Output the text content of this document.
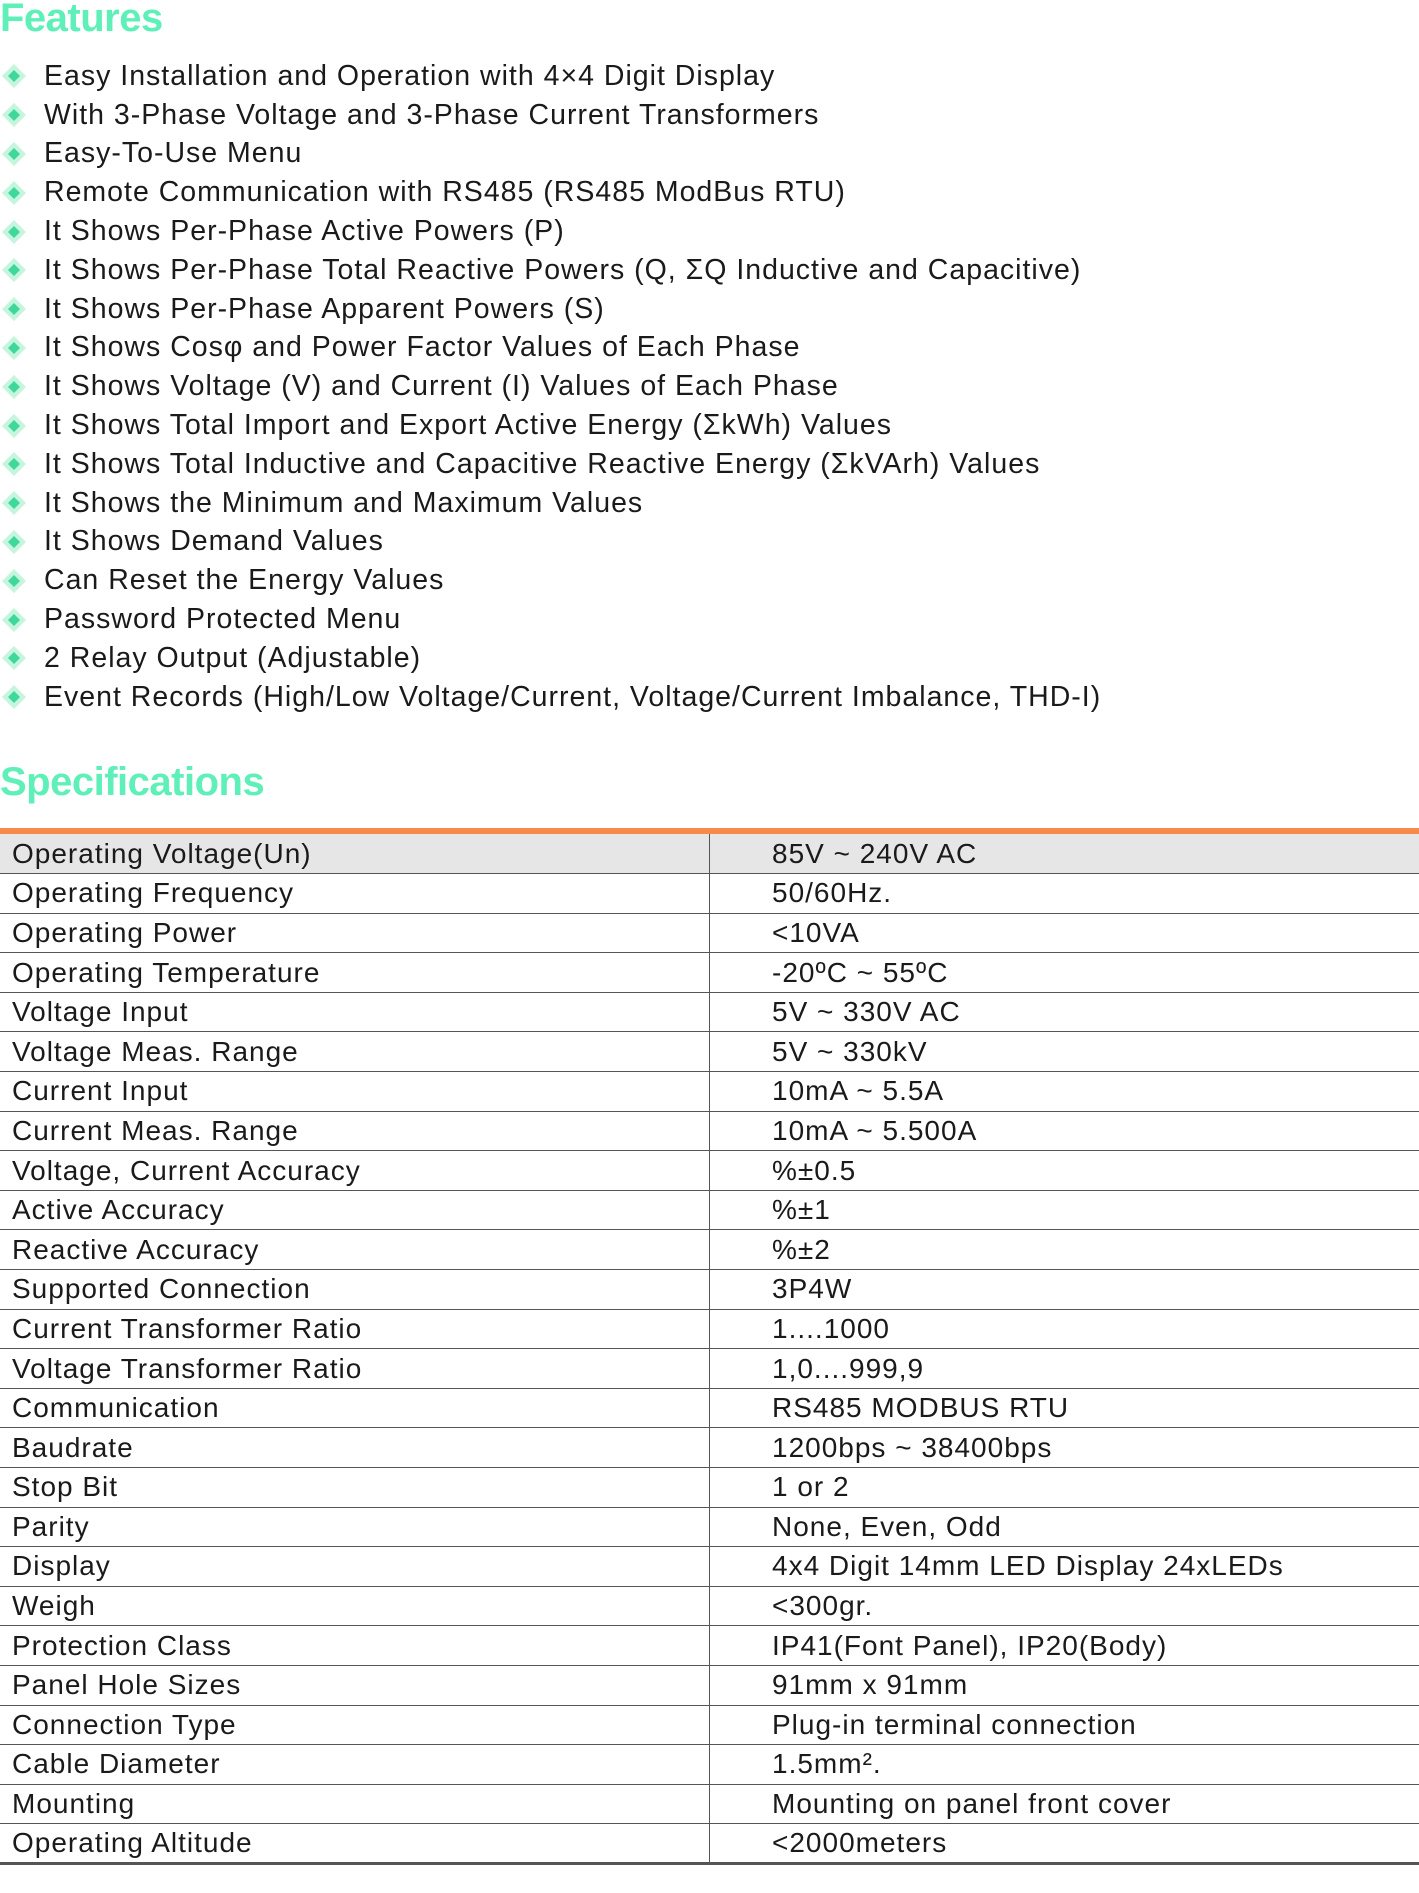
Features
Easy Installation and Operation with 4×4 Digit Display
With 3-Phase Voltage and 3-Phase Current Transformers
Easy-To-Use Menu
Remote Communication with RS485 (RS485 ModBus RTU)
It Shows Per-Phase Active Powers (P)
It Shows Per-Phase Total Reactive Powers (Q, ΣQ Inductive and Capacitive)
It Shows Per-Phase Apparent Powers (S)
It Shows Cosφ and Power Factor Values of Each Phase
It Shows Voltage (V) and Current (I) Values of Each Phase
It Shows Total Import and Export Active Energy (ΣkWh) Values
It Shows Total Inductive and Capacitive Reactive Energy (ΣkVArh) Values
It Shows the Minimum and Maximum Values
It Shows Demand Values
Can Reset the Energy Values
Password Protected Menu
2 Relay Output (Adjustable)
Event Records (High/Low Voltage/Current, Voltage/Current Imbalance, THD-I)
Specifications

Operating Voltage(Un)	85V ~ 240V AC
Operating Frequency	50/60Hz.
Operating Power	<10VA
Operating Temperature	-20ºC ~ 55ºC
Voltage Input	5V ~ 330V AC
Voltage Meas. Range	5V ~ 330kV
Current Input	10mA ~ 5.5A
Current Meas. Range	10mA ~ 5.500A
Voltage, Current Accuracy	%±0.5
Active Accuracy	%±1
Reactive Accuracy	%±2
Supported Connection	3P4W
Current Transformer Ratio	1....1000
Voltage Transformer Ratio	1,0....999,9
Communication	RS485 MODBUS RTU
Baudrate	1200bps ~ 38400bps
Stop Bit	1 or 2
Parity	None, Even, Odd
Display	4x4 Digit 14mm LED Display 24xLEDs
Weigh	<300gr.
Protection Class	IP41(Font Panel), IP20(Body)
Panel Hole Sizes	91mm x 91mm
Connection Type	Plug-in terminal connection
Cable Diameter	1.5mm².
Mounting	Mounting on panel front cover
Operating Altitude	<2000meters
